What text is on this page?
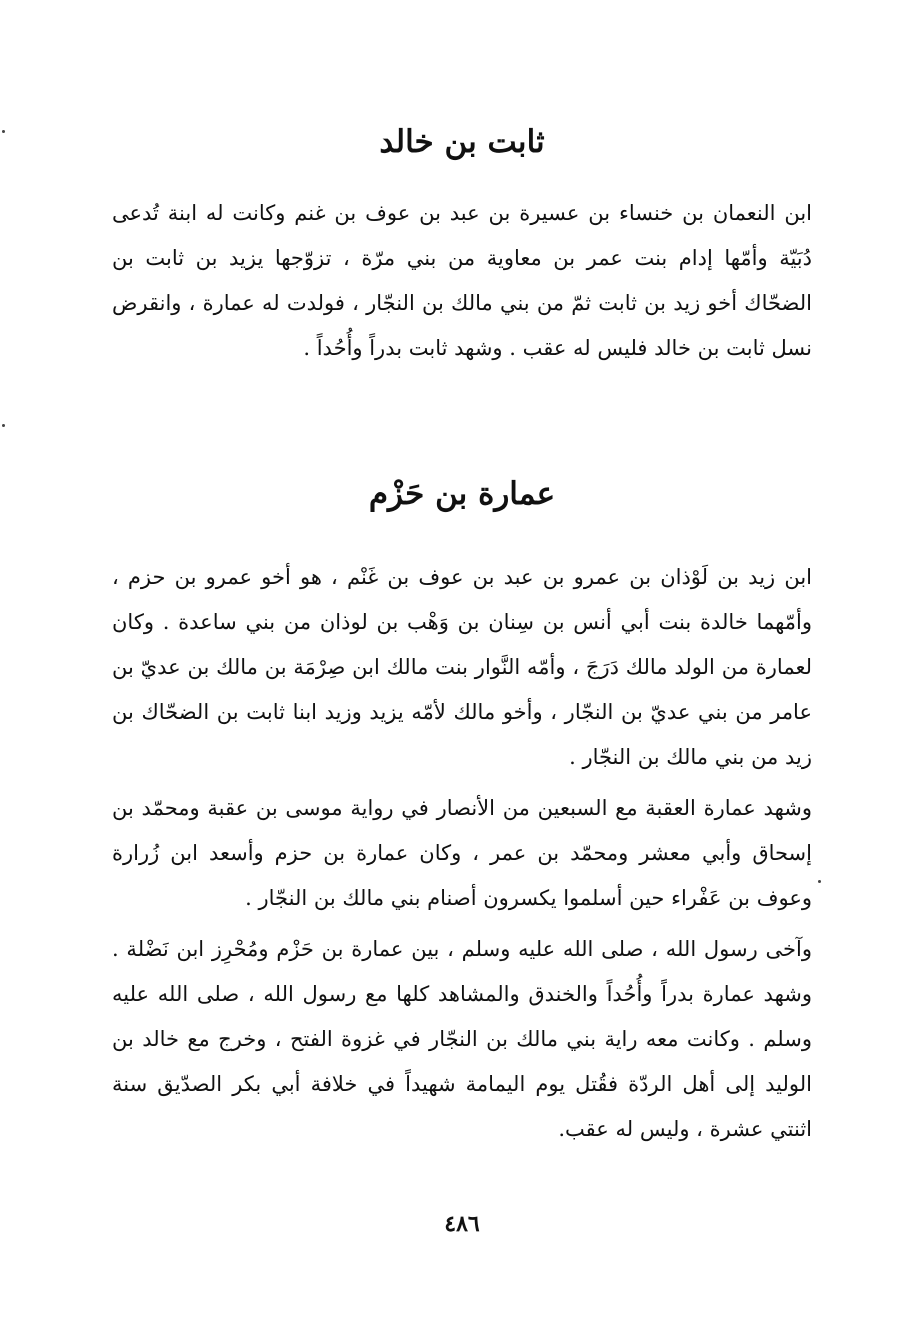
ثابت بن خالد

ابن النعمان بن خنساء بن عسيرة بن عبد بن عوف بن غنم وكانت له ابنة تُدعى دُبَيّة وأمّها إدام بنت عمر بن معاوية من بني مرّة ، تزوّجها يزيد بن ثابت بن الضحّاك أخو زيد بن ثابت ثمّ من بني مالك بن النجّار ، فولدت له عمارة ، وانقرض نسل ثابت بن خالد فليس له عقب . وشهد ثابت بدراً وأُحُداً .

عمارة بن حَزْم

ابن زيد بن لَوْذان بن عمرو بن عبد بن عوف بن غَنْم ، هو أخو عمرو بن حزم ، وأمّهما خالدة بنت أبي أنس بن سِنان بن وَهْب بن لوذان من بني ساعدة . وكان لعمارة من الولد مالك دَرَجَ ، وأمّه النَّوار بنت مالك ابن صِرْمَة بن مالك بن عديّ بن عامر من بني عديّ بن النجّار ، وأخو مالك لأمّه يزيد وزيد ابنا ثابت بن الضحّاك بن زيد من بني مالك بن النجّار .

وشهد عمارة العقبة مع السبعين من الأنصار في رواية موسى بن عقبة ومحمّد بن إسحاق وأبي معشر ومحمّد بن عمر ، وكان عمارة بن حزم وأسعد ابن زُرارة وعوف بن عَفْراء حين أسلموا يكسرون أصنام بني مالك بن النجّار .

وآخى رسول الله ، صلى الله عليه وسلم ، بين عمارة بن حَزْم ومُحْرِز ابن نَضْلة . وشهد عمارة بدراً وأُحُداً والخندق والمشاهد كلها مع رسول الله ، صلى الله عليه وسلم . وكانت معه راية بني مالك بن النجّار في غزوة الفتح ، وخرج مع خالد بن الوليد إلى أهل الردّة فقُتل يوم اليمامة شهيداً في خلافة أبي بكر الصدّيق سنة اثنتي عشرة ، وليس له عقب.

٤٨٦
